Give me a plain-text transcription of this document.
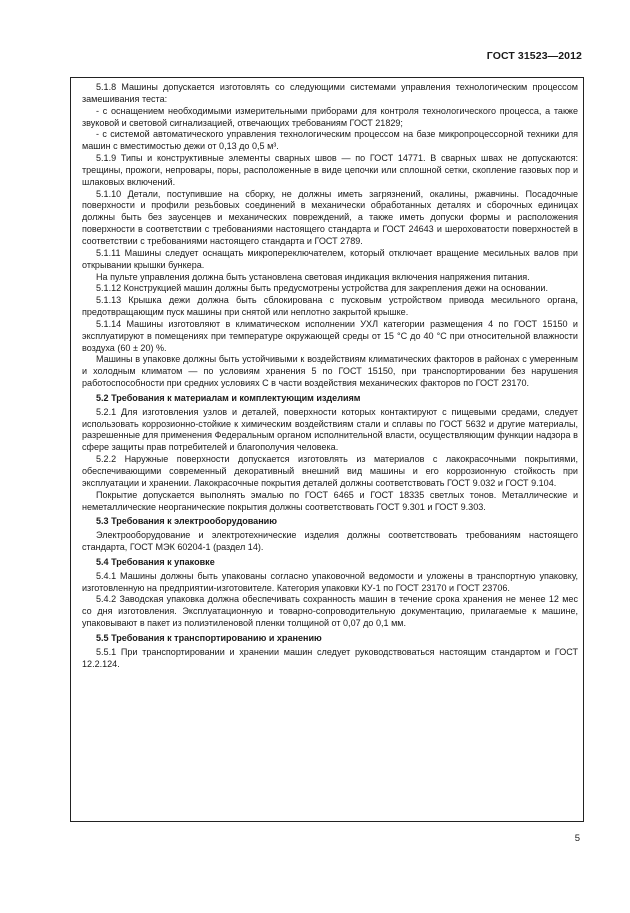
ГОСТ 31523—2012

5.1.8 Машины допускается изготовлять со следующими системами управления технологическим процессом замешивания теста:

- с оснащением необходимыми измерительными приборами для контроля технологического процесса, а также звуковой и световой сигнализацией, отвечающих требованиям ГОСТ 21829;

- с системой автоматического управления технологическим процессом на базе микропроцессорной техники для машин с вместимостью дежи от 0,13 до 0,5 м³.

5.1.9 Типы и конструктивные элементы сварных швов — по ГОСТ 14771. В сварных швах не допускаются: трещины, прожоги, непровары, поры, расположенные в виде цепочки или сплошной сетки, скопление газовых пор и шлаковых включений.

5.1.10 Детали, поступившие на сборку, не должны иметь загрязнений, окалины, ржавчины. Посадочные поверхности и профили резьбовых соединений в механически обработанных деталях и сборочных единицах должны быть без заусенцев и механических повреждений, а также иметь допуски формы и расположения поверхности в соответствии с требованиями настоящего стандарта и ГОСТ 24643 и шероховатости поверхностей в соответствии с требованиями настоящего стандарта и ГОСТ 2789.

5.1.11 Машины следует оснащать микропереключателем, который отключает вращение месильных валов при открывании крышки бункера.

На пульте управления должна быть установлена световая индикация включения напряжения питания.

5.1.12 Конструкцией машин должны быть предусмотрены устройства для закрепления дежи на основании.

5.1.13 Крышка дежи должна быть сблокирована с пусковым устройством привода месильного органа, предотвращающим пуск машины при снятой или неплотно закрытой крышке.

5.1.14 Машины изготовляют в климатическом исполнении УХЛ категории размещения 4 по ГОСТ 15150 и эксплуатируют в помещениях при температуре окружающей среды от 15 °С до 40 °С при относительной влажности воздуха (60 ± 20) %.

Машины в упаковке должны быть устойчивыми к воздействиям климатических факторов в районах с умеренным и холодным климатом — по условиям хранения 5 по ГОСТ 15150, при транспортировании без нарушения работоспособности при средних условиях С в части воздействия механических факторов по ГОСТ 23170.

5.2 Требования к материалам и комплектующим изделиям

5.2.1 Для изготовления узлов и деталей, поверхности которых контактируют с пищевыми средами, следует использовать коррозионно-стойкие к химическим воздействиям стали и сплавы по ГОСТ 5632 и другие материалы, разрешенные для применения Федеральным органом исполнительной власти, осуществляющим функции надзора в сфере защиты прав потребителей и благополучия человека.

5.2.2 Наружные поверхности допускается изготовлять из материалов с лакокрасочными покрытиями, обеспечивающими современный декоративный внешний вид машины и его коррозионную стойкость при эксплуатации и хранении. Лакокрасочные покрытия деталей должны соответствовать ГОСТ 9.032 и ГОСТ 9.104.

Покрытие допускается выполнять эмалью по ГОСТ 6465 и ГОСТ 18335 светлых тонов. Металлические и неметаллические неорганические покрытия должны соответствовать ГОСТ 9.301 и ГОСТ 9.303.

5.3 Требования к электрооборудованию

Электрооборудование и электротехнические изделия должны соответствовать требованиям настоящего стандарта, ГОСТ МЭК 60204-1 (раздел 14).

5.4 Требования к упаковке

5.4.1 Машины должны быть упакованы согласно упаковочной ведомости и уложены в транспортную упаковку, изготовленную на предприятии-изготовителе. Категория упаковки КУ-1 по ГОСТ 23170 и ГОСТ 23706.

5.4.2 Заводская упаковка должна обеспечивать сохранность машин в течение срока хранения не менее 12 мес со дня изготовления. Эксплуатационную и товарно-сопроводительную документацию, прилагаемые к машине, упаковывают в пакет из полиэтиленовой пленки толщиной от 0,07 до 0,1 мм.

5.5 Требования к транспортированию и хранению

5.5.1 При транспортировании и хранении машин следует руководствоваться настоящим стандартом и ГОСТ 12.2.124.

5
